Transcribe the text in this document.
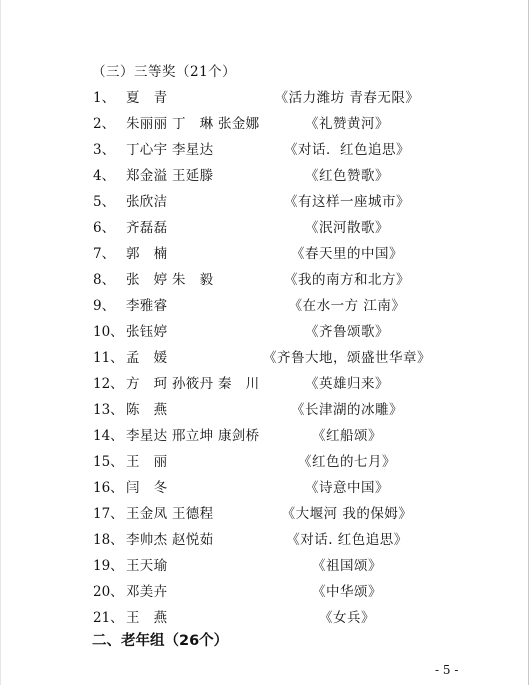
（三）三等奖（21个）
1、 夏　青	《活力潍坊 青春无限》
2、 朱丽丽 丁　琳 张金娜	《礼赞黄河》
3、 丁心宇 李星达	《对话．红色追思》
4、 郑金溢 王延滕	《红色赞歌》
5、 张欣洁	《有这样一座城市》
6、 齐磊磊	《泯河散歌》
7、 郭　楠	《春天里的中国》
8、 张　婷 朱　毅	《我的南方和北方》
9、 李雅睿	《在水一方 江南》
10、 张钰婷	《齐鲁颂歌》
11、 孟　媛	《齐鲁大地，颂盛世华章》
12、 方　珂 孙筱丹 秦　川	《英雄归来》
13、 陈　燕	《长津湖的冰雕》
14、 李星达 邢立坤 康剑桥	《红船颂》
15、 王　丽	《红色的七月》
16、 闫　冬	《诗意中国》
17、 王金凤 王德程	《大堰河 我的保姆》
18、 李帅杰 赵悦茹	《对话. 红色追思》
19、 王天瑜	《祖国颂》
20、 邓美卉	《中华颂》
21、 王　燕	《女兵》
二、老年组（26个）
- 5 -
